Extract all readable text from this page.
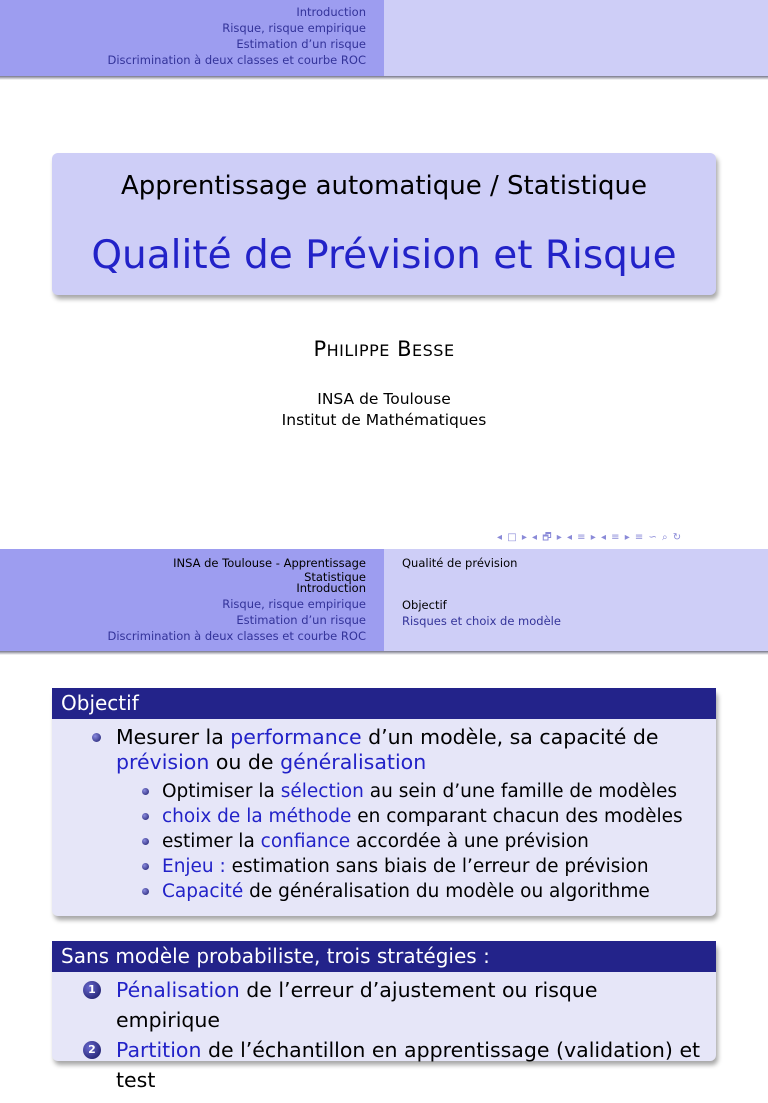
Introduction
Risque, risque empirique
Estimation d’un risque
Discrimination à deux classes et courbe ROC
Apprentissage automatique / Statistique
Qualité de Prévision et Risque
PHILIPPE BESSE
INSA de Toulouse
Institut de Mathématiques
◂ □ ▸ ◂ 🗗 ▸ ◂ ≡ ▸ ◂ ≡ ▸ ≡ ∽ ⌕ ↻
INSA de Toulouse - Apprentissage Statistique
Qualité de prévision
Introduction
Risque, risque empirique
Estimation d’un risque
Discrimination à deux classes et courbe ROC
Objectif
Risques et choix de modèle
Objectif
Mesurer la performance d’un modèle, sa capacité de
prévision ou de généralisation
Optimiser la sélection au sein d’une famille de modèles
choix de la méthode en comparant chacun des modèles
estimer la confiance accordée à une prévision
Enjeu : estimation sans biais de l’erreur de prévision
Capacité de généralisation du modèle ou algorithme
Sans modèle probabiliste, trois stratégies :
1 Pénalisation de l’erreur d’ajustement ou risque empirique
2 Partition de l’échantillon en apprentissage (validation) et test
